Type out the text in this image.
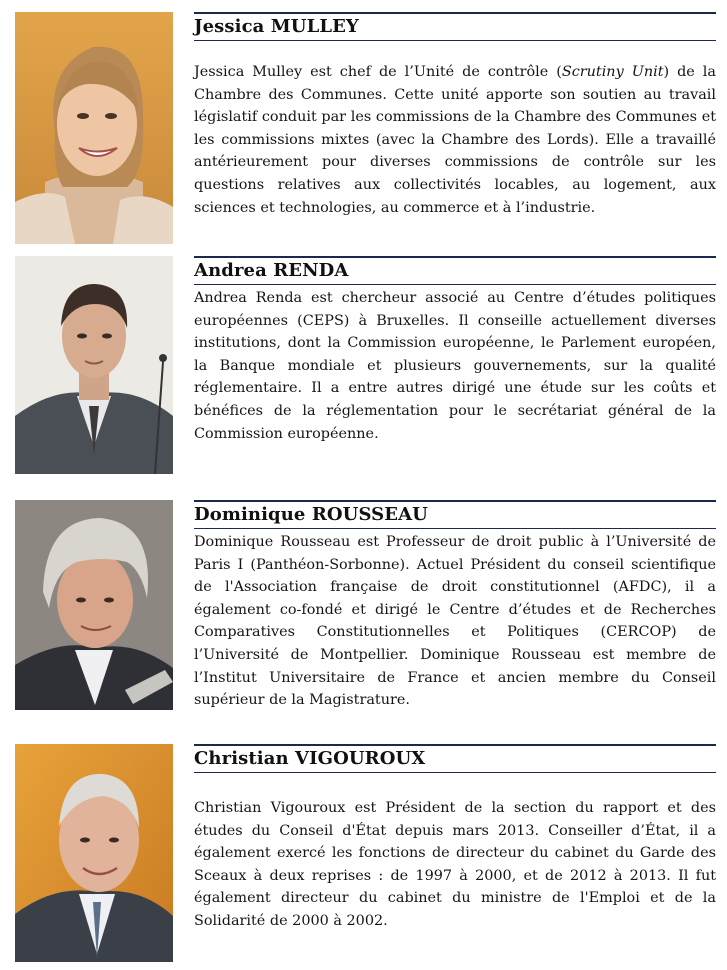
Jessica MULLEY

Jessica Mulley est chef de l’Unité de contrôle (Scrutiny Unit) de la Chambre des Communes. Cette unité apporte son soutien au travail législatif conduit par les commissions de la Chambre des Communes et les commissions mixtes (avec la Chambre des Lords). Elle a travaillé antérieurement pour diverses commissions de contrôle sur les questions relatives aux collectivités locables, au logement, aux sciences et technologies, au commerce et à l’industrie.

Andrea RENDA

Andrea Renda est chercheur associé au Centre d’études politiques européennes (CEPS) à Bruxelles. Il conseille actuellement diverses institutions, dont la Commission européenne, le Parlement européen, la Banque mondiale et plusieurs gouvernements, sur la qualité réglementaire. Il a entre autres dirigé une étude sur les coûts et bénéfices de la réglementation pour le secrétariat général de la Commission européenne.

Dominique ROUSSEAU

Dominique Rousseau est Professeur de droit public à l’Université de Paris I (Panthéon-Sorbonne). Actuel Président du conseil scientifique de l'Association française de droit constitutionnel (AFDC), il a également co-fondé et dirigé le Centre d’études et de Recherches Comparatives Constitutionnelles et Politiques (CERCOP) de l’Université de Montpellier. Dominique Rousseau est membre de l’Institut Universitaire de France et ancien membre du Conseil supérieur de la Magistrature.

Christian VIGOUROUX

Christian Vigouroux est Président de la section du rapport et des études du Conseil d'État depuis mars 2013. Conseiller d’État, il a également exercé les fonctions de directeur du cabinet du Garde des Sceaux à deux reprises : de 1997 à 2000, et de 2012 à 2013. Il fut également directeur du cabinet du ministre de l'Emploi et de la Solidarité de 2000 à 2002.
